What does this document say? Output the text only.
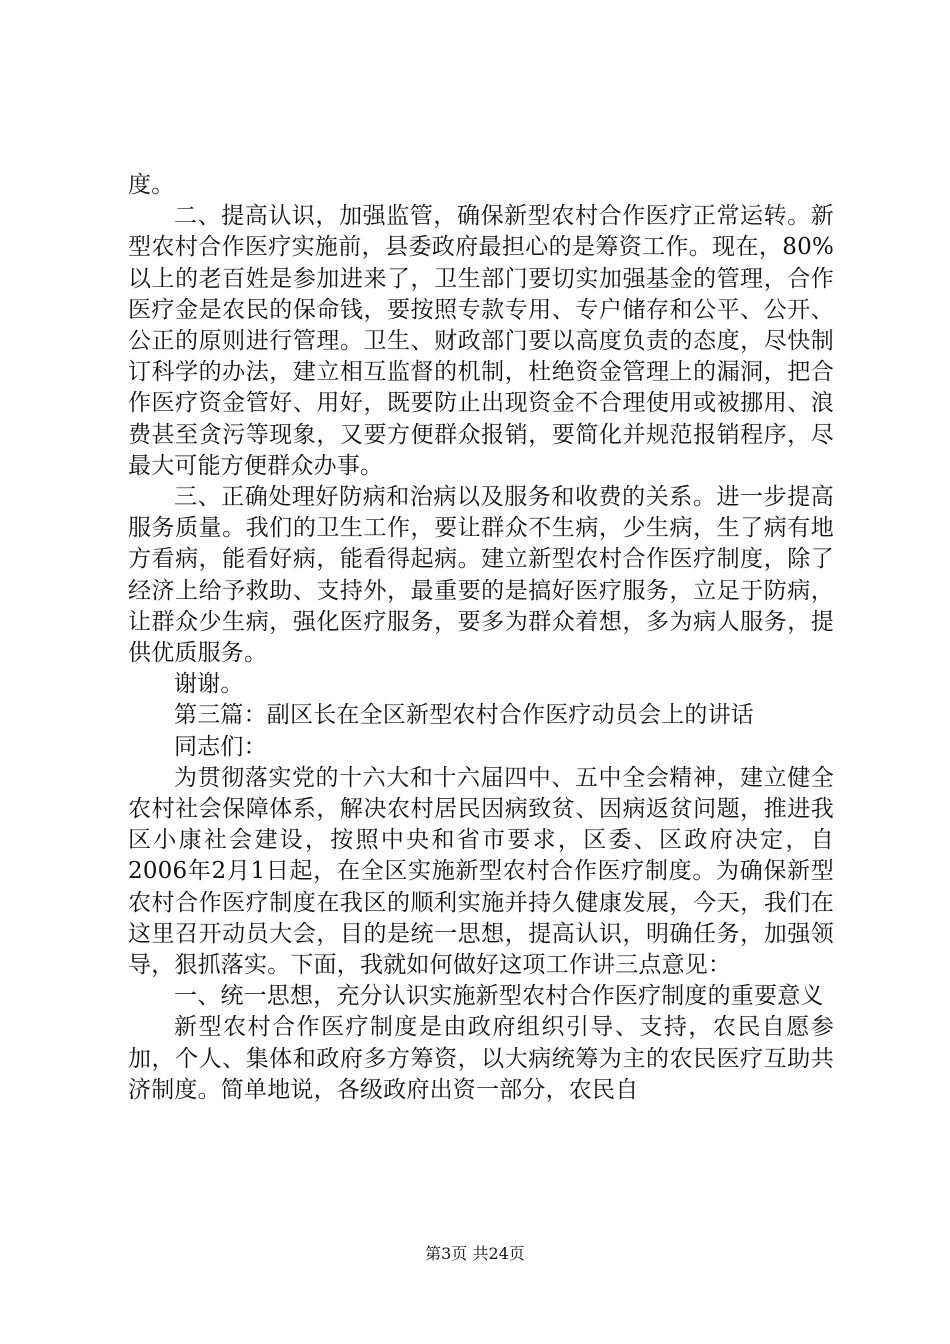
度。

二、提高认识，加强监管，确保新型农村合作医疗正常运转。新型农村合作医疗实施前，县委政府最担心的是筹资工作。现在，80%以上的老百姓是参加进来了，卫生部门要切实加强基金的管理，合作医疗金是农民的保命钱，要按照专款专用、专户储存和公平、公开、公正的原则进行管理。卫生、财政部门要以高度负责的态度，尽快制订科学的办法，建立相互监督的机制，杜绝资金管理上的漏洞，把合作医疗资金管好、用好，既要防止出现资金不合理使用或被挪用、浪费甚至贪污等现象，又要方便群众报销，要简化并规范报销程序，尽最大可能方便群众办事。

三、正确处理好防病和治病以及服务和收费的关系。进一步提高服务质量。我们的卫生工作，要让群众不生病，少生病，生了病有地方看病，能看好病，能看得起病。建立新型农村合作医疗制度，除了经济上给予救助、支持外，最重要的是搞好医疗服务，立足于防病，让群众少生病，强化医疗服务，要多为群众着想，多为病人服务，提供优质服务。

谢谢。

第三篇：副区长在全区新型农村合作医疗动员会上的讲话

同志们：

为贯彻落实党的十六大和十六届四中、五中全会精神，建立健全农村社会保障体系，解决农村居民因病致贫、因病返贫问题，推进我区小康社会建设，按照中央和省市要求，区委、区政府决定，自2006年2月1日起，在全区实施新型农村合作医疗制度。为确保新型农村合作医疗制度在我区的顺利实施并持久健康发展，今天，我们在这里召开动员大会，目的是统一思想，提高认识，明确任务，加强领导，狠抓落实。下面，我就如何做好这项工作讲三点意见：

一、统一思想，充分认识实施新型农村合作医疗制度的重要意义

新型农村合作医疗制度是由政府组织引导、支持，农民自愿参加，个人、集体和政府多方筹资，以大病统筹为主的农民医疗互助共济制度。简单地说，各级政府出资一部分，农民自

第3页 共24页
